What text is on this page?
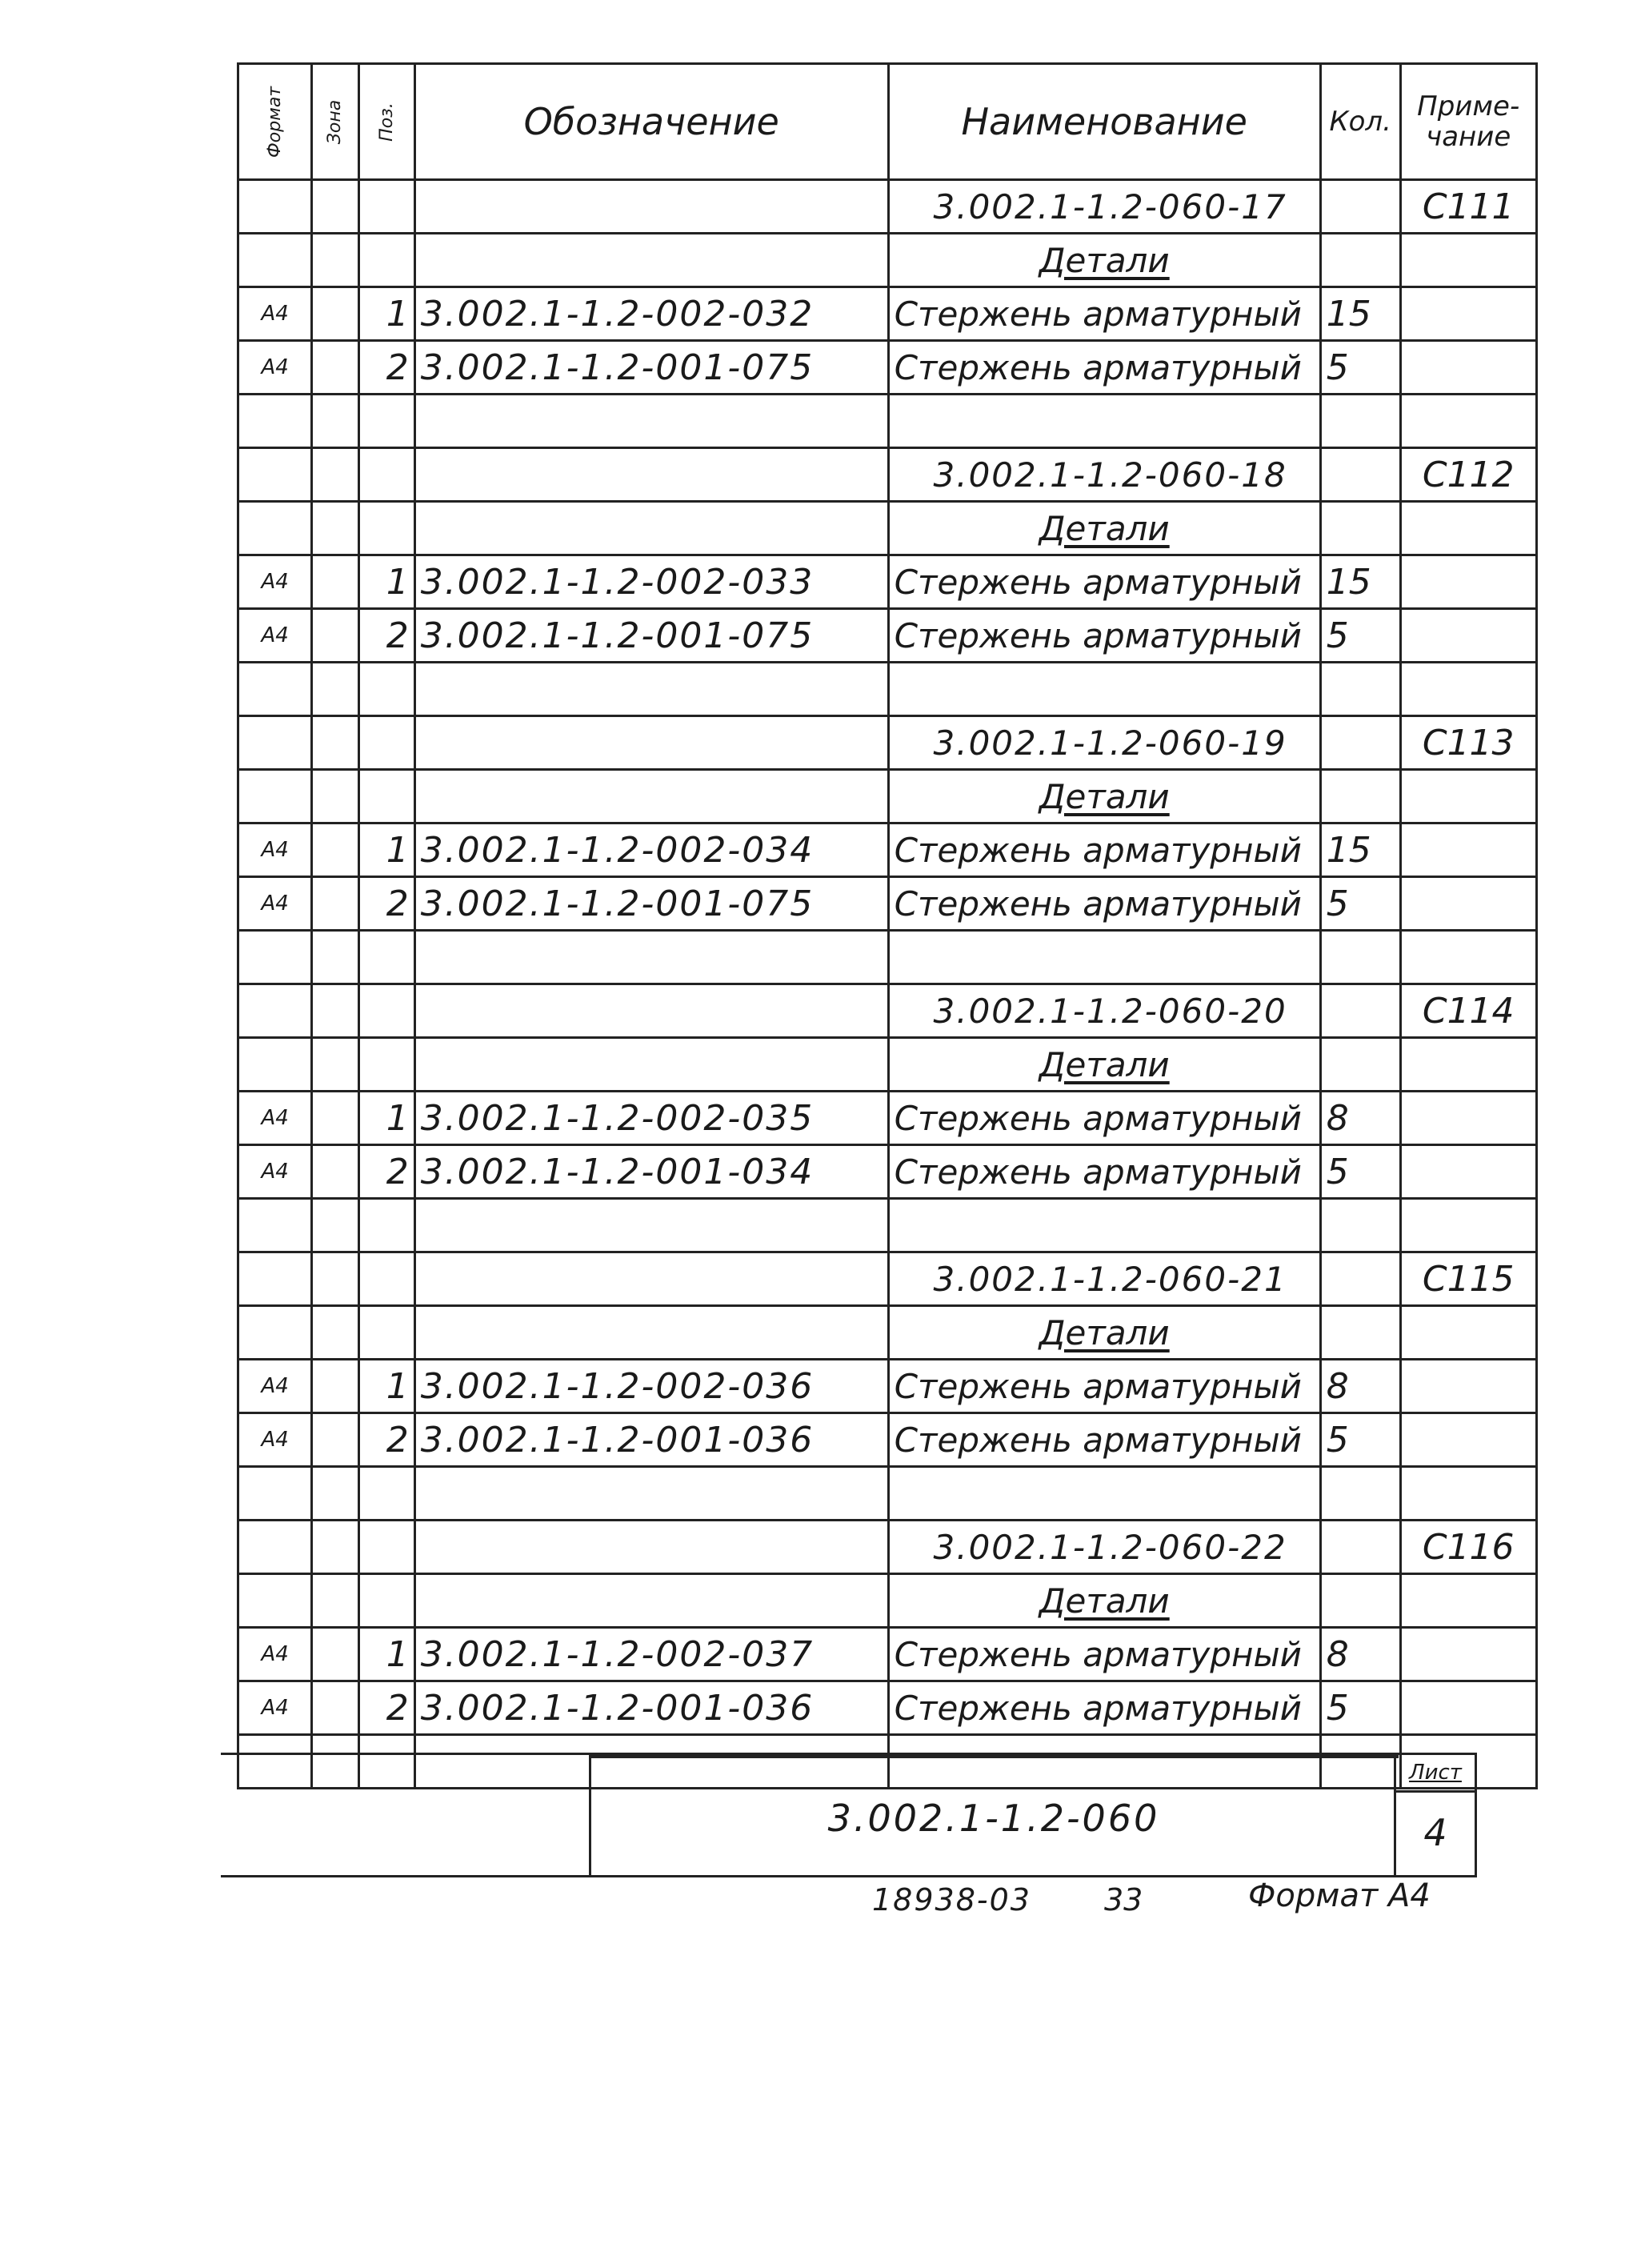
Формат	Зона	Поз.	Обозначение	Наименование	Кол.	Приме-чание
				3.002.1-1.2-060-17		С111
				Детали		
А4		1	3.002.1-1.2-002-032	Стержень арматурный	15	
А4		2	3.002.1-1.2-001-075	Стержень арматурный	5	

				3.002.1-1.2-060-18		С112
				Детали		
А4		1	3.002.1-1.2-002-033	Стержень арматурный	15	
А4		2	3.002.1-1.2-001-075	Стержень арматурный	5	

				3.002.1-1.2-060-19		С113
				Детали		
А4		1	3.002.1-1.2-002-034	Стержень арматурный	15	
А4		2	3.002.1-1.2-001-075	Стержень арматурный	5	

				3.002.1-1.2-060-20		С114
				Детали		
А4		1	3.002.1-1.2-002-035	Стержень арматурный	8	
А4		2	3.002.1-1.2-001-034	Стержень арматурный	5	

				3.002.1-1.2-060-21		С115
				Детали		
А4		1	3.002.1-1.2-002-036	Стержень арматурный	8	
А4		2	3.002.1-1.2-001-036	Стержень арматурный	5	

				3.002.1-1.2-060-22		С116
				Детали		
А4		1	3.002.1-1.2-002-037	Стержень арматурный	8	
А4		2	3.002.1-1.2-001-036	Стержень арматурный	5	

3.002.1-1.2-060
Лист
4
18938-03 33	Формат А4
